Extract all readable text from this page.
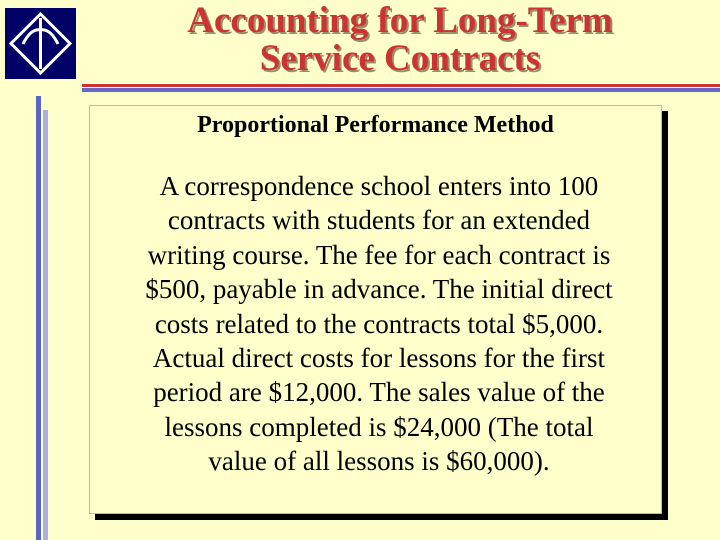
Accounting for Long-Term
Service Contracts
Proportional Performance Method
A correspondence school enters into 100
contracts with students for an extended
writing course. The fee for each contract is
$500, payable in advance. The initial direct
costs related to the contracts total $5,000.
Actual direct costs for lessons for the first
period are $12,000. The sales value of the
lessons completed is $24,000 (The total
value of all lessons is $60,000).
